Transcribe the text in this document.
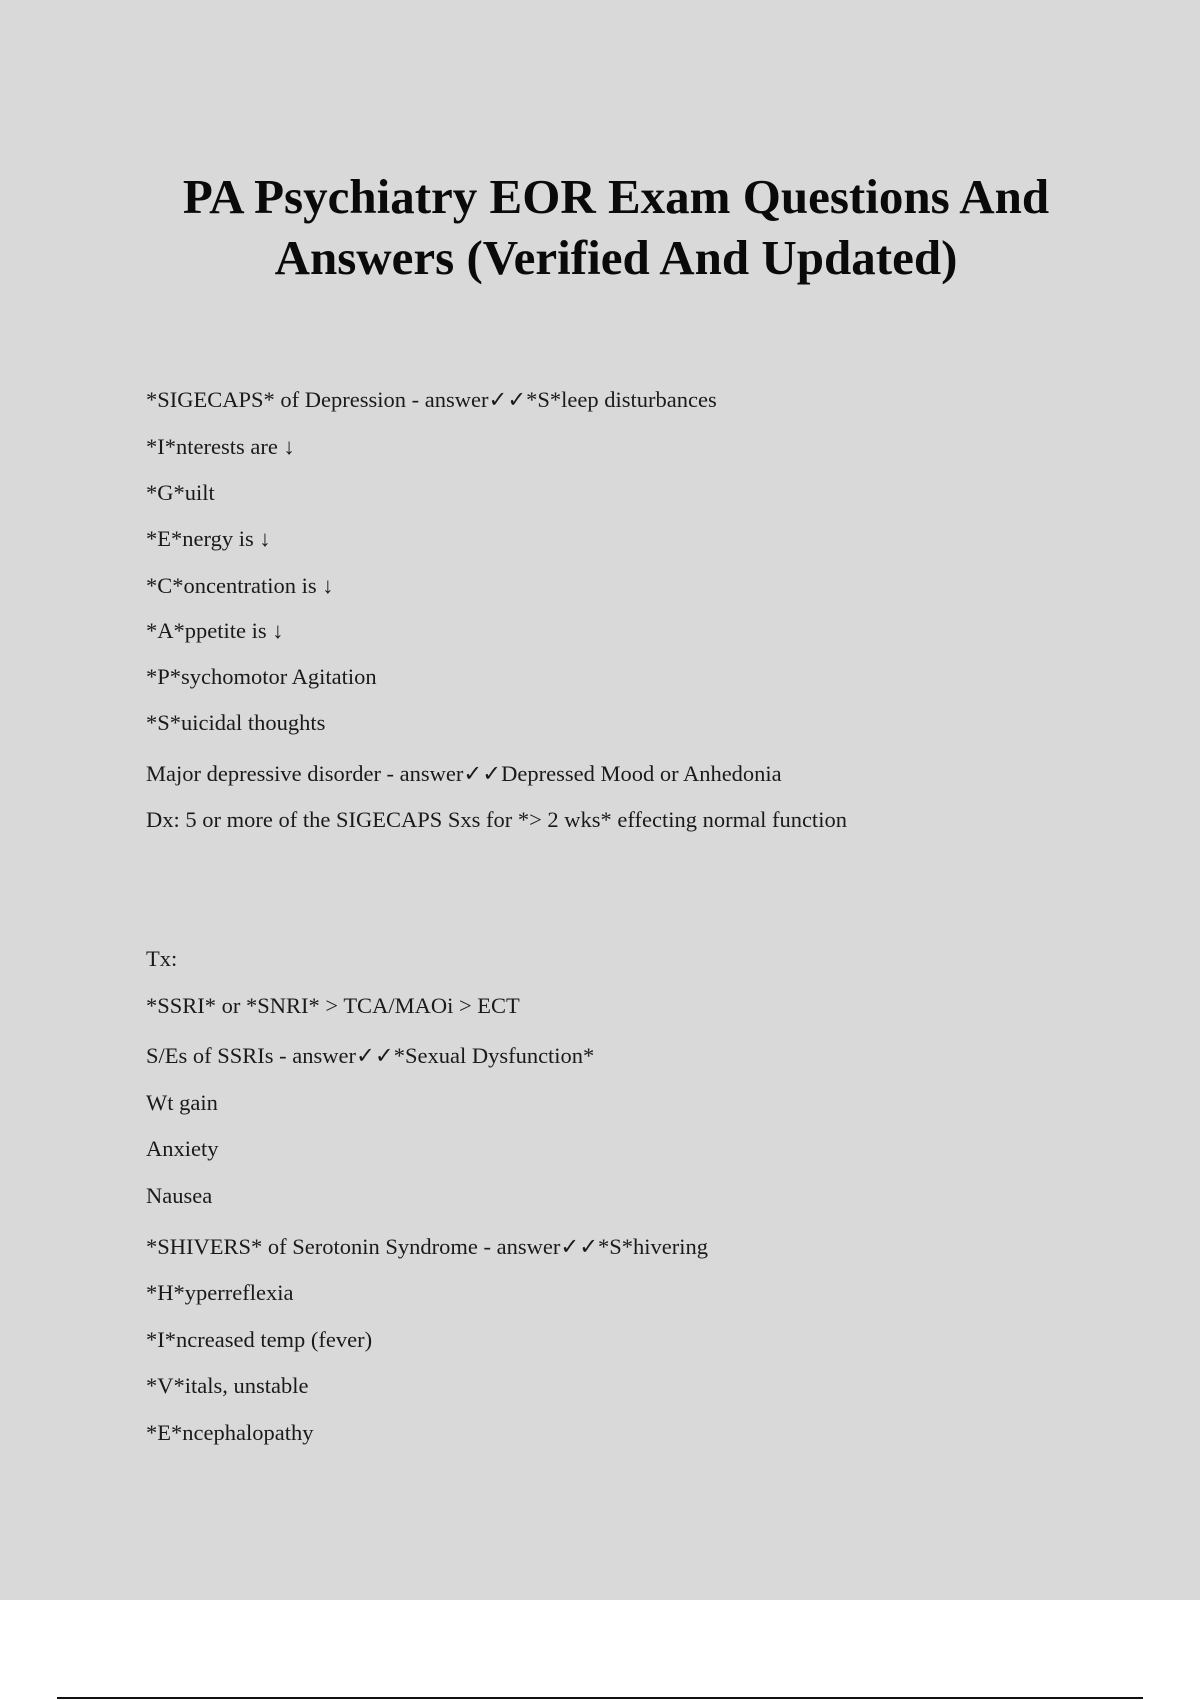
PA Psychiatry EOR Exam Questions And
Answers (Verified And Updated)
*SIGECAPS* of Depression - answer✓✓*S*leep disturbances
*I*nterests are ↓
*G*uilt
*E*nergy is ↓
*C*oncentration is ↓
*A*ppetite is ↓
*P*sychomotor Agitation
*S*uicidal thoughts
Major depressive disorder - answer✓✓Depressed Mood or Anhedonia
Dx: 5 or more of the SIGECAPS Sxs for *> 2 wks* effecting normal function
Tx:
*SSRI* or *SNRI* > TCA/MAOi > ECT
S/Es of SSRIs - answer✓✓*Sexual Dysfunction*
Wt gain
Anxiety
Nausea
*SHIVERS* of Serotonin Syndrome - answer✓✓*S*hivering
*H*yperreflexia
*I*ncreased temp (fever)
*V*itals, unstable
*E*ncephalopathy
